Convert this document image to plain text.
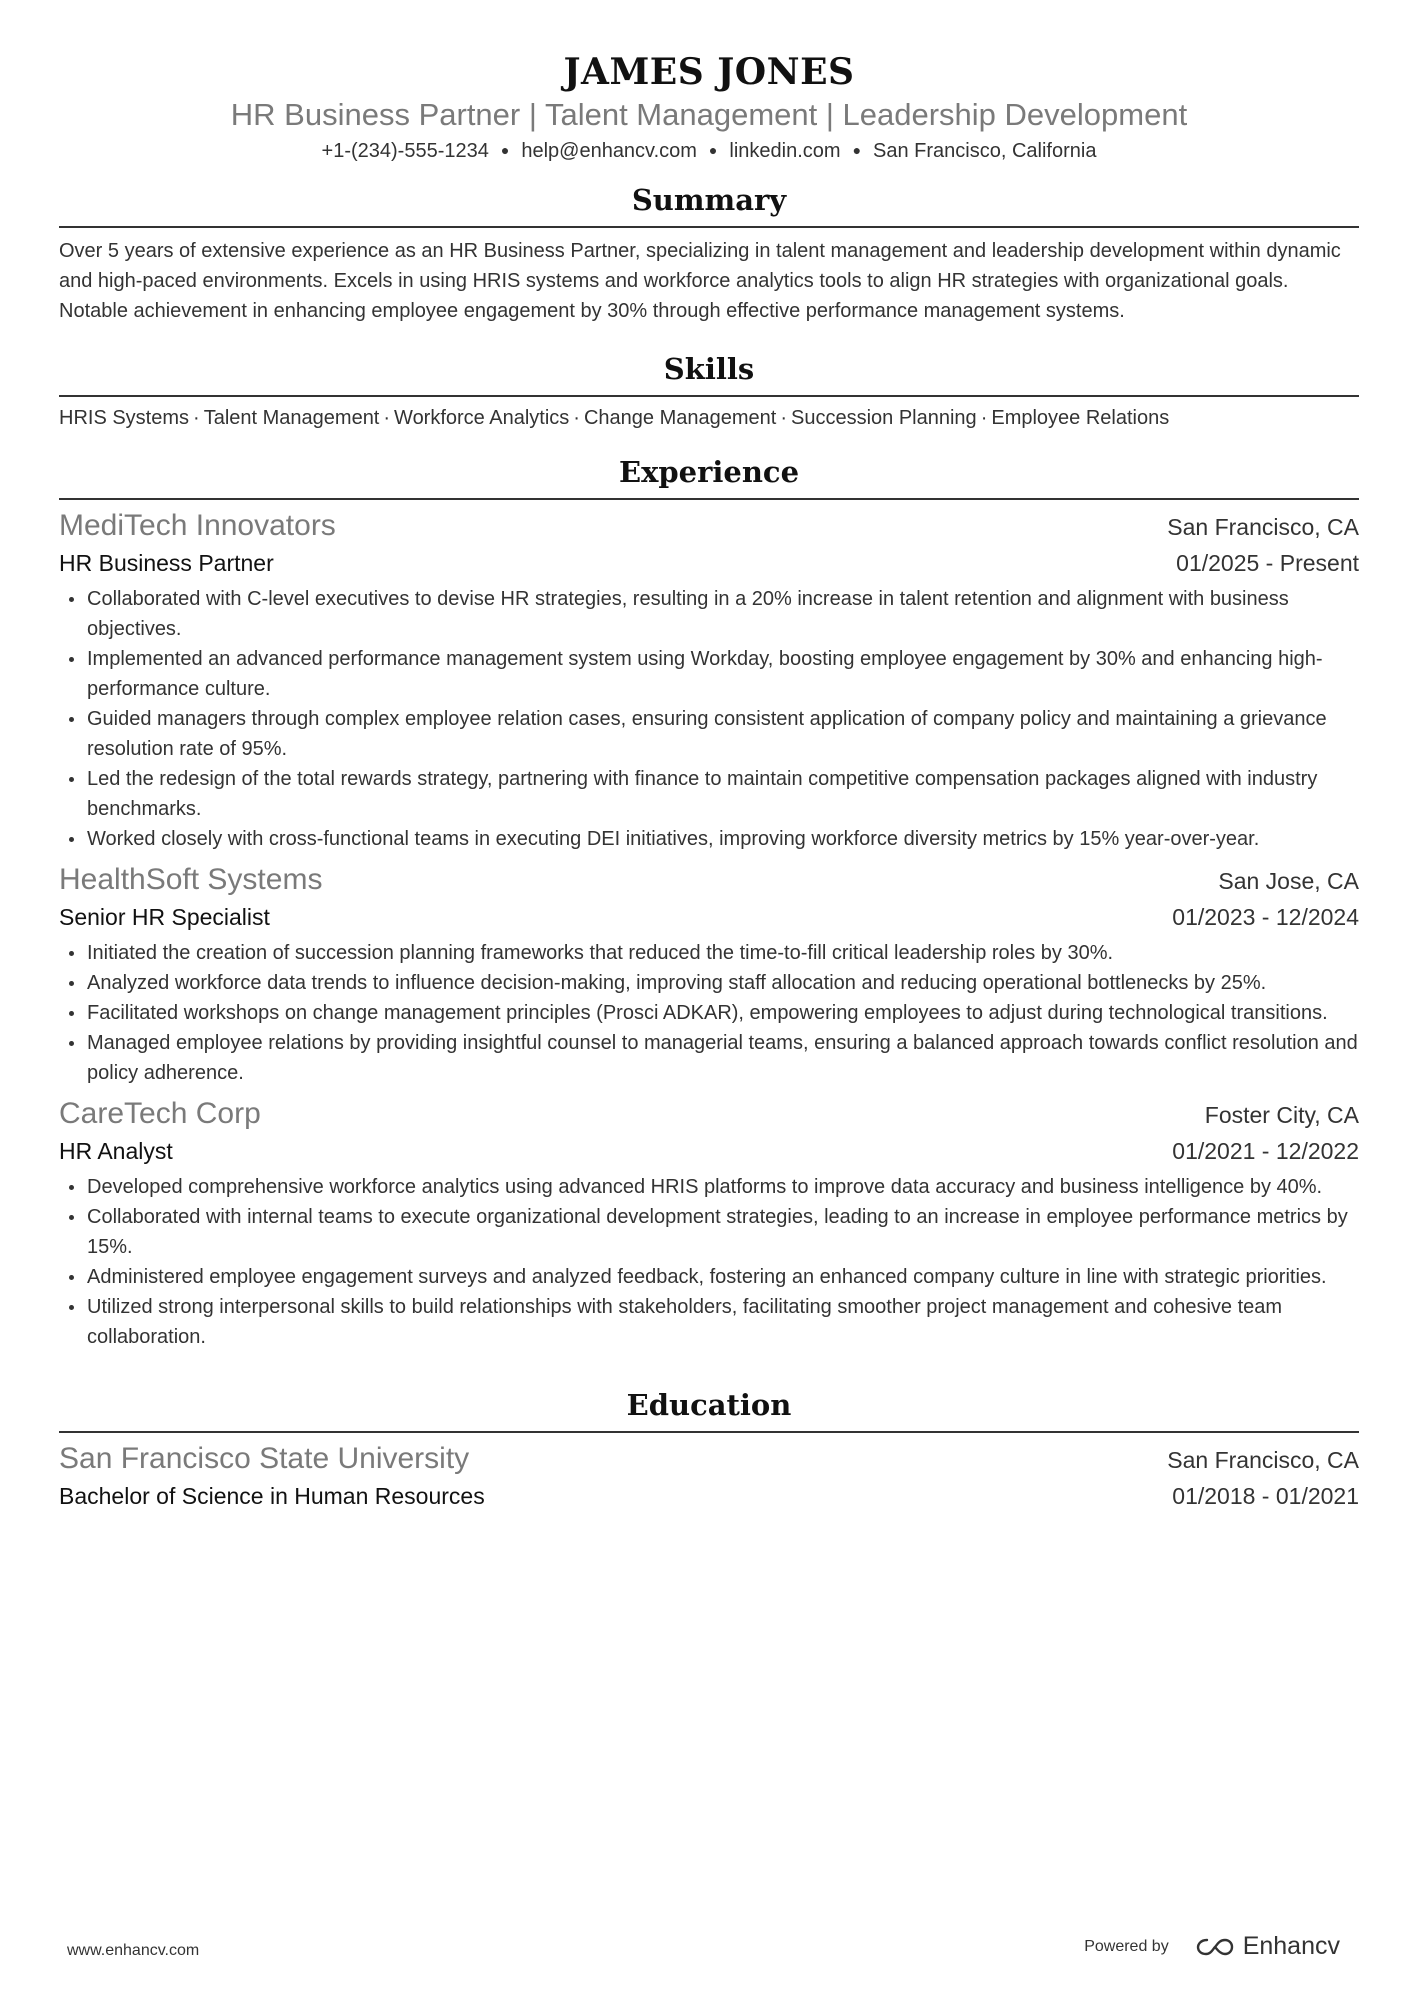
JAMES JONES
HR Business Partner | Talent Management | Leadership Development
+1-(234)-555-1234 ● help@enhancv.com ● linkedin.com ● San Francisco, California
Summary
Over 5 years of extensive experience as an HR Business Partner, specializing in talent management and leadership development within dynamic and high-paced environments. Excels in using HRIS systems and workforce analytics tools to align HR strategies with organizational goals. Notable achievement in enhancing employee engagement by 30% through effective performance management systems.
Skills
HRIS Systems · Talent Management · Workforce Analytics · Change Management · Succession Planning · Employee Relations
Experience
MediTech Innovators	San Francisco, CA
HR Business Partner	01/2025 - Present
Collaborated with C-level executives to devise HR strategies, resulting in a 20% increase in talent retention and alignment with business objectives.
Implemented an advanced performance management system using Workday, boosting employee engagement by 30% and enhancing high-performance culture.
Guided managers through complex employee relation cases, ensuring consistent application of company policy and maintaining a grievance resolution rate of 95%.
Led the redesign of the total rewards strategy, partnering with finance to maintain competitive compensation packages aligned with industry benchmarks.
Worked closely with cross-functional teams in executing DEI initiatives, improving workforce diversity metrics by 15% year-over-year.
HealthSoft Systems	San Jose, CA
Senior HR Specialist	01/2023 - 12/2024
Initiated the creation of succession planning frameworks that reduced the time-to-fill critical leadership roles by 30%.
Analyzed workforce data trends to influence decision-making, improving staff allocation and reducing operational bottlenecks by 25%.
Facilitated workshops on change management principles (Prosci ADKAR), empowering employees to adjust during technological transitions.
Managed employee relations by providing insightful counsel to managerial teams, ensuring a balanced approach towards conflict resolution and policy adherence.
CareTech Corp	Foster City, CA
HR Analyst	01/2021 - 12/2022
Developed comprehensive workforce analytics using advanced HRIS platforms to improve data accuracy and business intelligence by 40%.
Collaborated with internal teams to execute organizational development strategies, leading to an increase in employee performance metrics by 15%.
Administered employee engagement surveys and analyzed feedback, fostering an enhanced company culture in line with strategic priorities.
Utilized strong interpersonal skills to build relationships with stakeholders, facilitating smoother project management and cohesive team collaboration.
Education
San Francisco State University	San Francisco, CA
Bachelor of Science in Human Resources	01/2018 - 01/2021
www.enhancv.com	Powered by	Enhancv
